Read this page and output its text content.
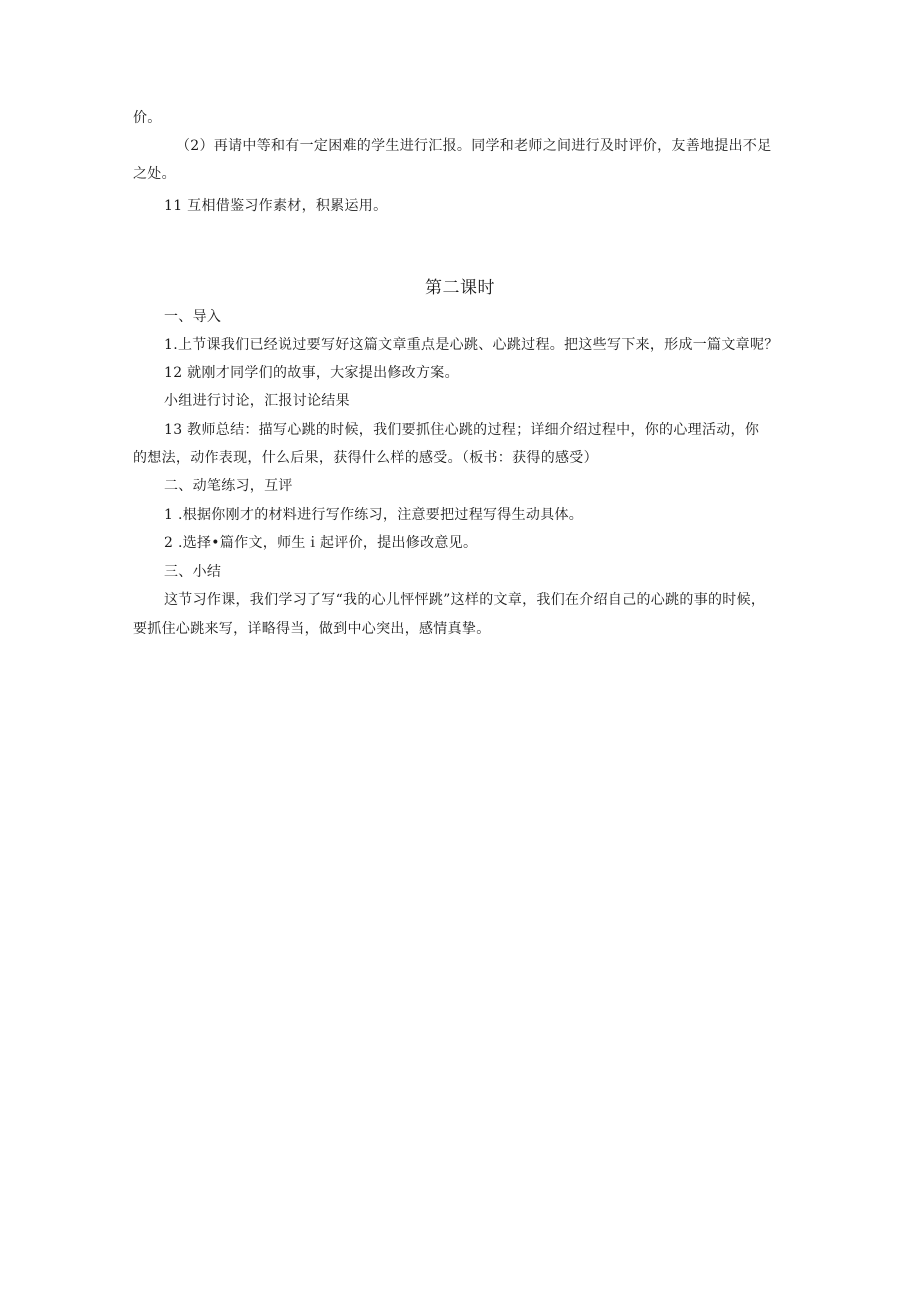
价。
（2）再请中等和有一定困难的学生进行汇报。同学和老师之间进行及时评价，友善地提出不足
之处。
11 互相借鉴习作素材，积累运用。
第二课时
一、导入
1.上节课我们已经说过要写好这篇文章重点是心跳、心跳过程。把这些写下来，形成一篇文章呢？
12 就刚才同学们的故事，大家提出修改方案。
小组进行讨论，汇报讨论结果
13 教师总结：描写心跳的时候，我们要抓住心跳的过程；详细介绍过程中，你的心理活动，你
的想法，动作表现，什么后果，获得什么样的感受。（板书：获得的感受）
二、动笔练习，互评
1 .根据你刚才的材料进行写作练习，注意要把过程写得生动具体。
2 .选择•篇作文，师生ｉ起评价，提出修改意见。
三、小结
这节习作课，我们学习了写“我的心儿怦怦跳”这样的文章，我们在介绍自己的心跳的事的时候，
要抓住心跳来写，详略得当，做到中心突出，感情真挚。
